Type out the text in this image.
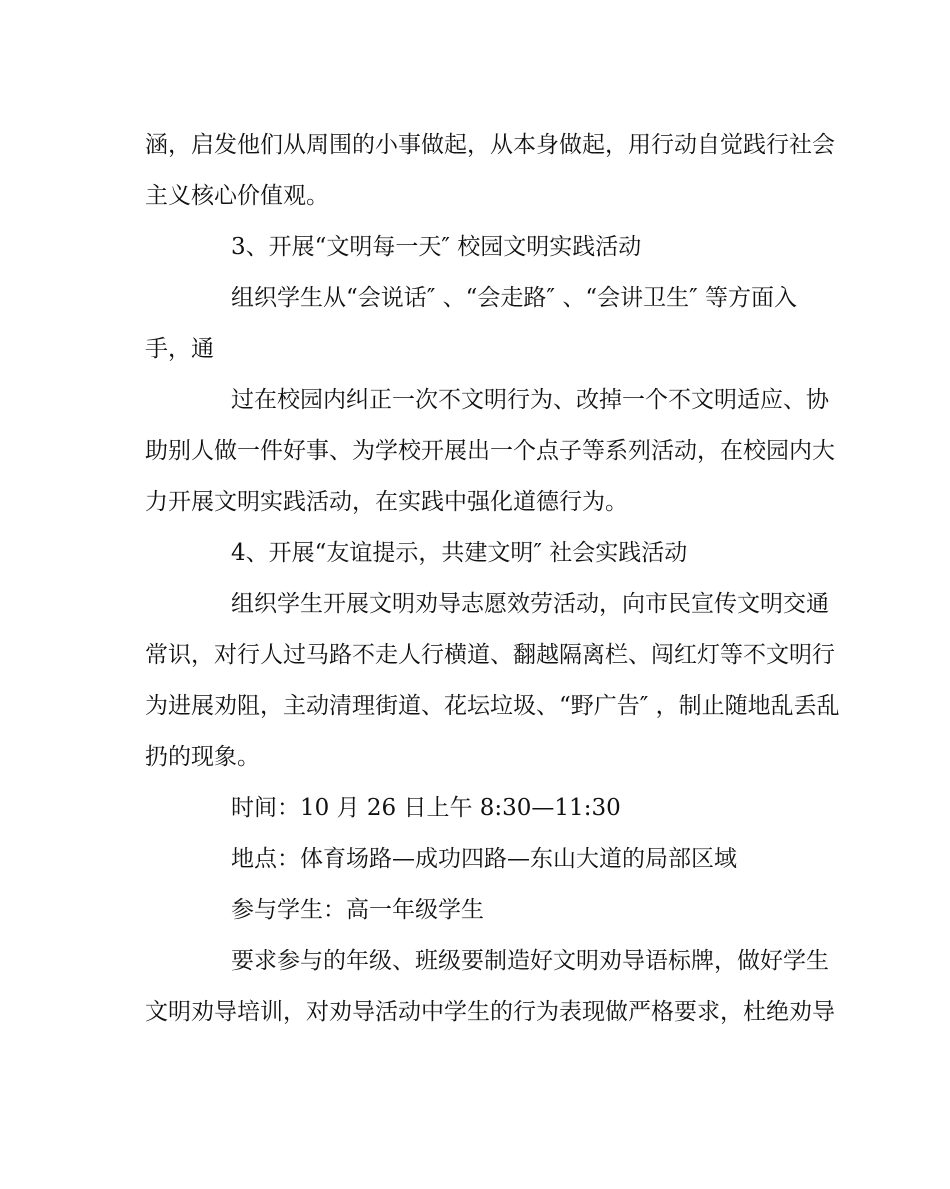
涵，启发他们从周围的小事做起，从本身做起，用行动自觉践行社会
主义核心价值观。
3、开展“文明每一天″ 校园文明实践活动
组织学生从“会说话″ 、“会走路″ 、“会讲卫生″ 等方面入
手，通
过在校园内纠正一次不文明行为、改掉一个不文明适应、协
助别人做一件好事、为学校开展出一个点子等系列活动，在校园内大
力开展文明实践活动，在实践中强化道德行为。
4、开展“友谊提示，共建文明″ 社会实践活动
组织学生开展文明劝导志愿效劳活动，向市民宣传文明交通
常识，对行人过马路不走人行横道、翻越隔离栏、闯红灯等不文明行
为进展劝阻，主动清理街道、花坛垃圾、“野广告″ ，制止随地乱丢乱
扔的现象。
时间：10 月 26 日上午 8:30—11:30
地点：体育场路—成功四路—东山大道的局部区域
参与学生：高一年级学生
要求参与的年级、班级要制造好文明劝导语标牌，做好学生
文明劝导培训，对劝导活动中学生的行为表现做严格要求，杜绝劝导
